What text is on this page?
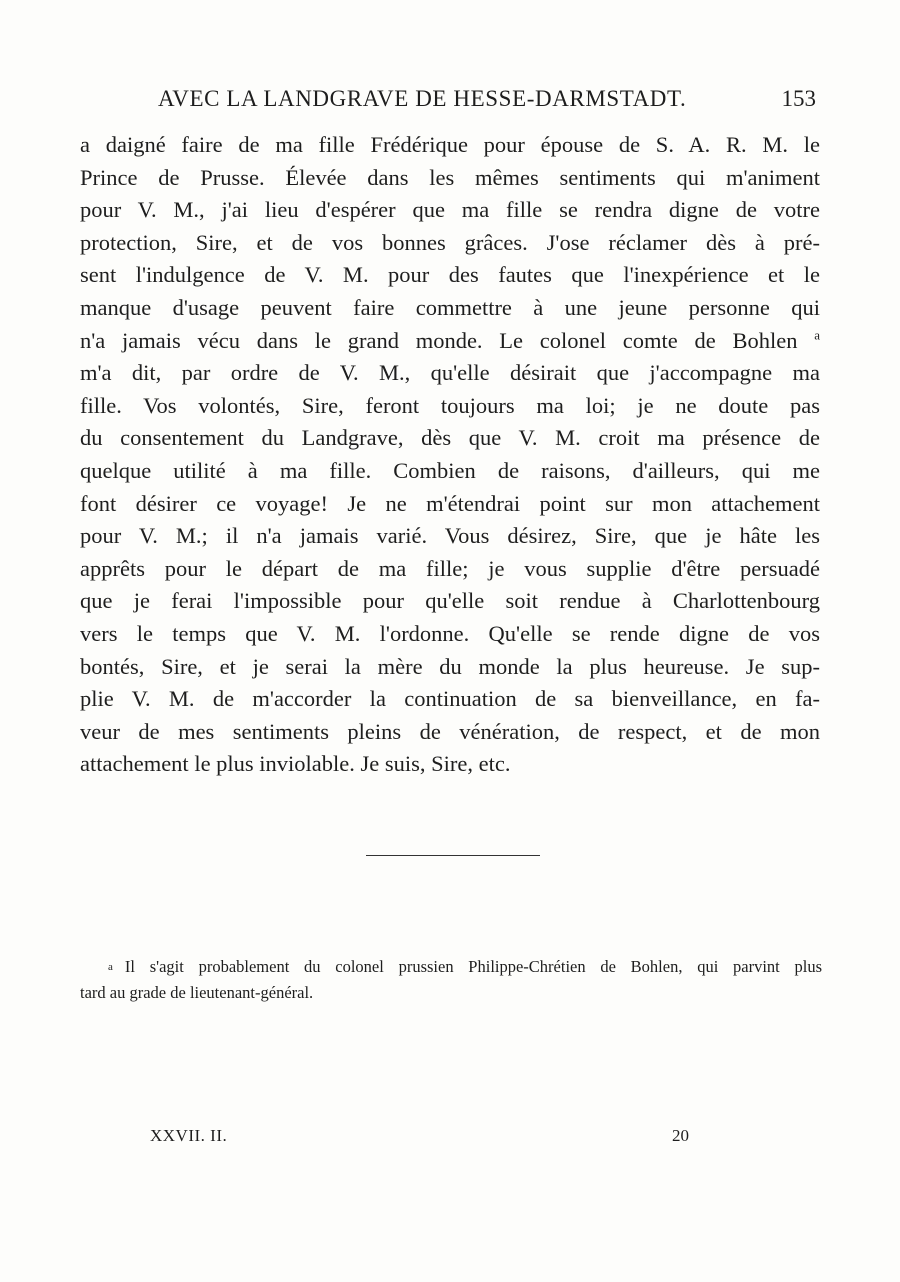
AVEC LA LANDGRAVE DE HESSE-DARMSTADT.	153
a daigné faire de ma fille Frédérique pour épouse de S. A. R. M. le
Prince de Prusse. Élevée dans les mêmes sentiments qui m'animent
pour V. M., j'ai lieu d'espérer que ma fille se rendra digne de votre
protection, Sire, et de vos bonnes grâces. J'ose réclamer dès à pré-
sent l'indulgence de V. M. pour des fautes que l'inexpérience et le
manque d'usage peuvent faire commettre à une jeune personne qui
n'a jamais vécu dans le grand monde. Le colonel comte de Bohlen $^a$
m'a dit, par ordre de V. M., qu'elle désirait que j'accompagne ma
fille. Vos volontés, Sire, feront toujours ma loi; je ne doute pas
du consentement du Landgrave, dès que V. M. croit ma présence de
quelque utilité à ma fille. Combien de raisons, d'ailleurs, qui me
font désirer ce voyage! Je ne m'étendrai point sur mon attachement
pour V. M.; il n'a jamais varié. Vous désirez, Sire, que je hâte les
apprêts pour le départ de ma fille; je vous supplie d'être persuadé
que je ferai l'impossible pour qu'elle soit rendue à Charlottenbourg
vers le temps que V. M. l'ordonne. Qu'elle se rende digne de vos
bontés, Sire, et je serai la mère du monde la plus heureuse. Je sup-
plie V. M. de m'accorder la continuation de sa bienveillance, en fa-
veur de mes sentiments pleins de vénération, de respect, et de mon
attachement le plus inviolable. Je suis, Sire, etc.
a Il s'agit probablement du colonel prussien Philippe-Chrétien de Bohlen, qui parvint plus
tard au grade de lieutenant-général.
XXVII. II.	20
